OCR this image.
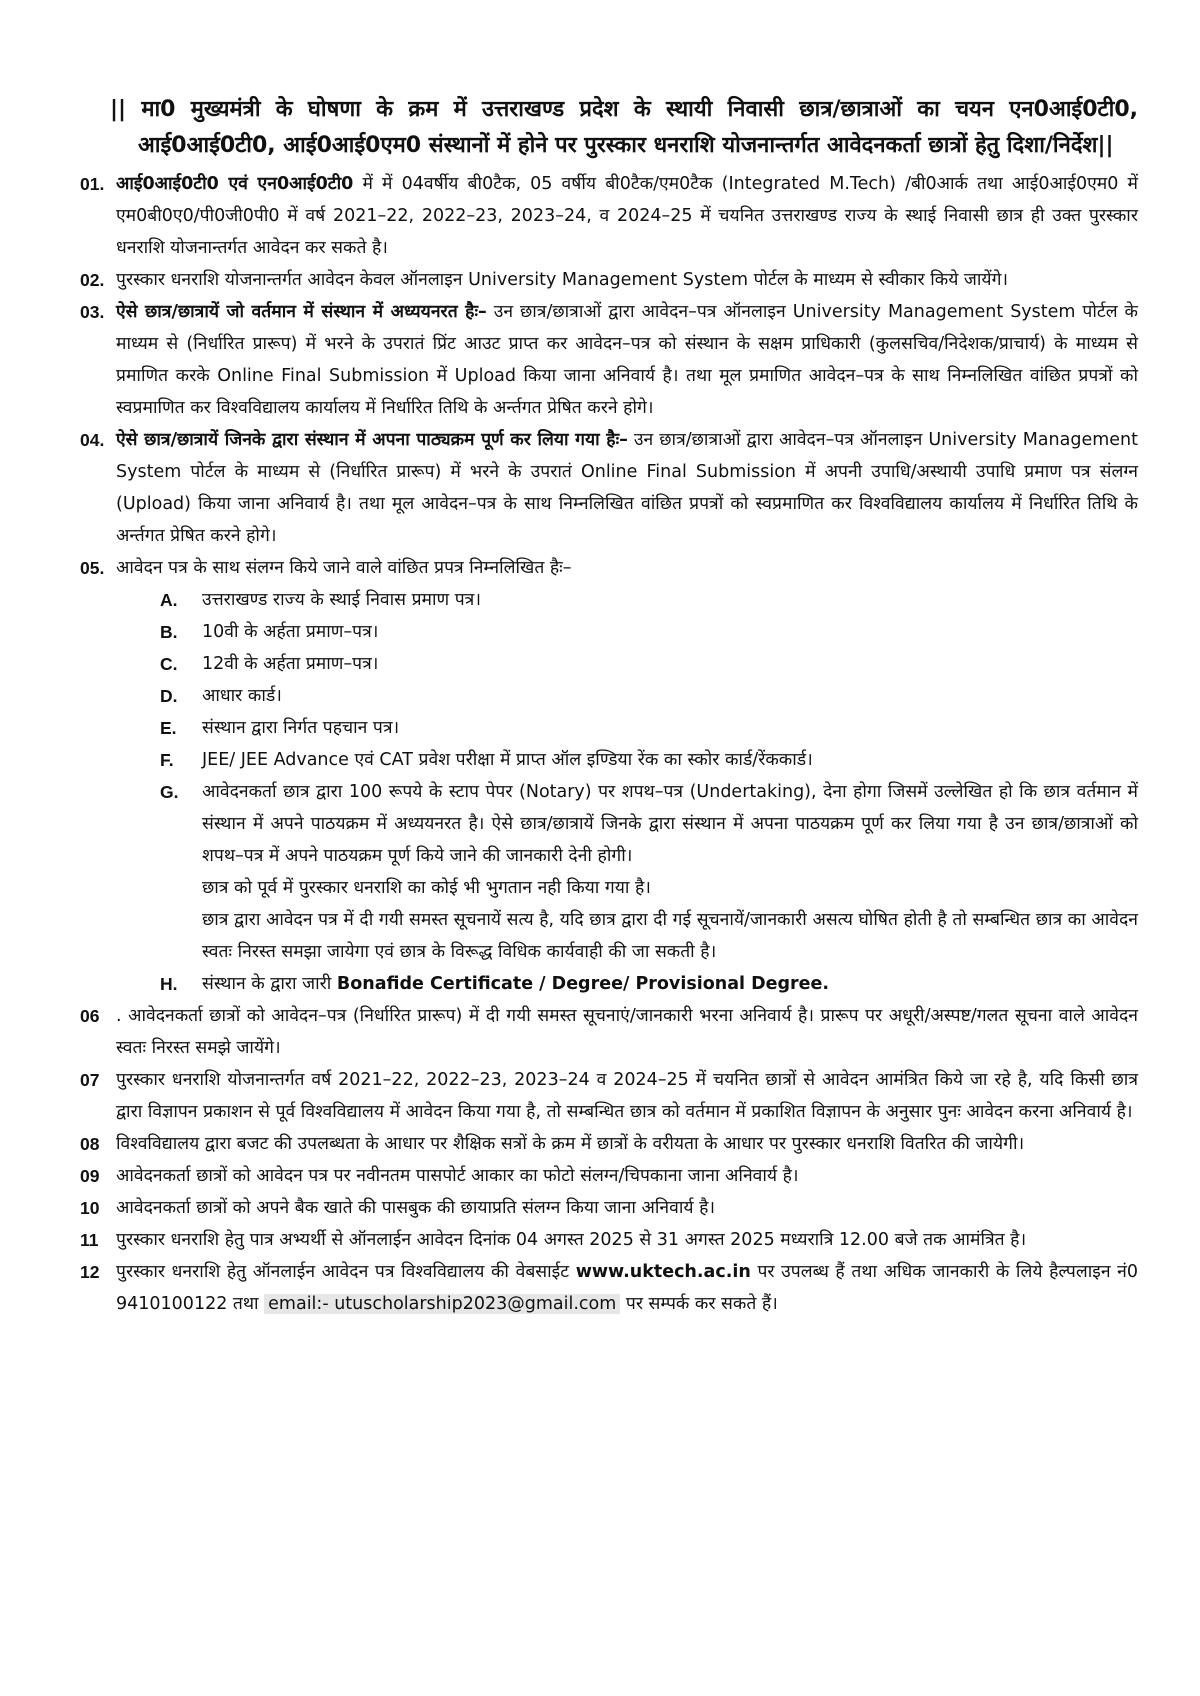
|| मा0 मुख्यमंत्री के घोषणा के क्रम में उत्तराखण्ड प्रदेश के स्थायी निवासी छात्र/छात्राओं का चयन एन0आई0टी0, आई0आई0टी0, आई0आई0एम0 संस्थानों में होने पर पुरस्कार धनराशि योजनान्तर्गत आवेदनकर्ता छात्रों हेतु दिशा/निर्देश||
01. आई0आई0टी0 एवं एन0आई0टी0 में में 04वर्षीय बी0टैक, 05 वर्षीय बी0टैक/एम0टैक (Integrated M.Tech) /बी0आर्क तथा आई0आई0एम0 में एम0बी0ए0/पी0जी0पी0 में वर्ष 2021–22, 2022–23, 2023–24, व 2024–25 में चयनित उत्तराखण्ड राज्य के स्थाई निवासी छात्र ही उक्त पुरस्कार धनराशि योजनान्तर्गत आवेदन कर सकते है।
02. पुरस्कार धनराशि योजनान्तर्गत आवेदन केवल ऑनलाइन University Management System पोर्टल के माध्यम से स्वीकार किये जायेंगे।
03. ऐसे छात्र/छात्रायें जो वर्तमान में संस्थान में अध्ययनरत हैः– उन छात्र/छात्राओं द्वारा आवेदन–पत्र ऑनलाइन University Management System पोर्टल के माध्यम से (निर्धारित प्रारूप) में भरने के उपरातं प्रिंट आउट प्राप्त कर आवेदन–पत्र को संस्थान के सक्षम प्राधिकारी (कुलसचिव/निदेशक/प्राचार्य) के माध्यम से प्रमाणित करके Online Final Submission में Upload किया जाना अनिवार्य है। तथा मूल प्रमाणित आवेदन–पत्र के साथ निम्नलिखित वांछित प्रपत्रों को स्वप्रमाणित कर विश्वविद्यालय कार्यालय में निर्धारित तिथि के अर्न्तगत प्रेषित करने होगे।
04. ऐसे छात्र/छात्रायें जिनके द्वारा संस्थान में अपना पाठ्यक्रम पूर्ण कर लिया गया हैः– उन छात्र/छात्राओं द्वारा आवेदन–पत्र ऑनलाइन University Management System पोर्टल के माध्यम से (निर्धारित प्रारूप) में भरने के उपरातं Online Final Submission में अपनी उपाधि/अस्थायी उपाधि प्रमाण पत्र संलग्न (Upload) किया जाना अनिवार्य है। तथा मूल आवेदन–पत्र के साथ निम्नलिखित वांछित प्रपत्रों को स्वप्रमाणित कर विश्वविद्यालय कार्यालय में निर्धारित तिथि के अर्न्तगत प्रेषित करने होगे।
05. आवेदन पत्र के साथ संलग्न किये जाने वाले वांछित प्रपत्र निम्नलिखित हैः–
A.	उत्तराखण्ड राज्य के स्थाई निवास प्रमाण पत्र।
B.	10वी के अर्हता प्रमाण–पत्र।
C.	12वी के अर्हता प्रमाण–पत्र।
D.	आधार कार्ड।
E.	संस्थान द्वारा निर्गत पहचान पत्र।
F.	JEE/ JEE Advance एवं CAT प्रवेश परीक्षा में प्राप्त ऑल इण्डिया रेंक का स्कोर कार्ड/रेंककार्ड।
G.	आवेदनकर्ता छात्र द्वारा 100 रूपये के स्टाप पेपर (Notary) पर शपथ–पत्र (Undertaking), देना होगा जिसमें उल्लेखित हो कि छात्र वर्तमान में संस्थान में अपने पाठयक्रम में अध्ययनरत है। ऐसे छात्र/छात्रायें जिनके द्वारा संस्थान में अपना पाठयक्रम पूर्ण कर लिया गया है उन छात्र/छात्राओं को शपथ–पत्र में अपने पाठयक्रम पूर्ण किये जाने की जानकारी देनी होगी।
छात्र को पूर्व में पुरस्कार धनराशि का कोई भी भुगतान नही किया गया है।
छात्र द्वारा आवेदन पत्र में दी गयी समस्त सूचनायें सत्य है, यदि छात्र द्वारा दी गई सूचनायें/जानकारी असत्य घोषित होती है तो सम्बन्धित छात्र का आवेदन स्वतः निरस्त समझा जायेगा एवं छात्र के विरूद्ध विधिक कार्यवाही की जा सकती है।
H.	संस्थान के द्वारा जारी Bonafide Certificate / Degree/ Provisional Degree.
06 . आवेदनकर्ता छात्रों को आवेदन–पत्र (निर्धारित प्रारूप) में दी गयी समस्त सूचनाएं/जानकारी भरना अनिवार्य है। प्रारूप पर अधूरी/अस्पष्ट/गलत सूचना वाले आवेदन स्वतः निरस्त समझे जायेंगे।
07 पुरस्कार धनराशि योजनान्तर्गत वर्ष 2021–22, 2022–23, 2023–24 व 2024–25 में चयनित छात्रों से आवेदन आमंत्रित किये जा रहे है, यदि किसी छात्र द्वारा विज्ञापन प्रकाशन से पूर्व विश्वविद्यालय में आवेदन किया गया है, तो सम्बन्धित छात्र को वर्तमान में प्रकाशित विज्ञापन के अनुसार पुनः आवेदन करना अनिवार्य है।
08 विश्वविद्यालय द्वारा बजट की उपलब्धता के आधार पर शैक्षिक सत्रों के क्रम में छात्रों के वरीयता के आधार पर पुरस्कार धनराशि वितरित की जायेगी।
09 आवेदनकर्ता छात्रों को आवेदन पत्र पर नवीनतम पासपोर्ट आकार का फोटो संलग्न/चिपकाना जाना अनिवार्य है।
10 आवेदनकर्ता छात्रों को अपने बैक खाते की पासबुक की छायाप्रति संलग्न किया जाना अनिवार्य है।
11	पुरस्कार धनराशि हेतु पात्र अभ्यर्थी से ऑनलाईन आवेदन दिनांक 04 अगस्त 2025 से 31 अगस्त 2025 मध्यरात्रि 12.00 बजे तक आमंत्रित है।
12 पुरस्कार धनराशि हेतु ऑनलाईन आवेदन पत्र विश्वविद्यालय की वेबसाईट www.uktech.ac.in पर उपलब्ध हैं तथा अधिक जानकारी के लिये हैल्पलाइन नं0 9410100122 तथा email:- utuscholarship2023@gmail.com पर सम्पर्क कर सकते हैं।
